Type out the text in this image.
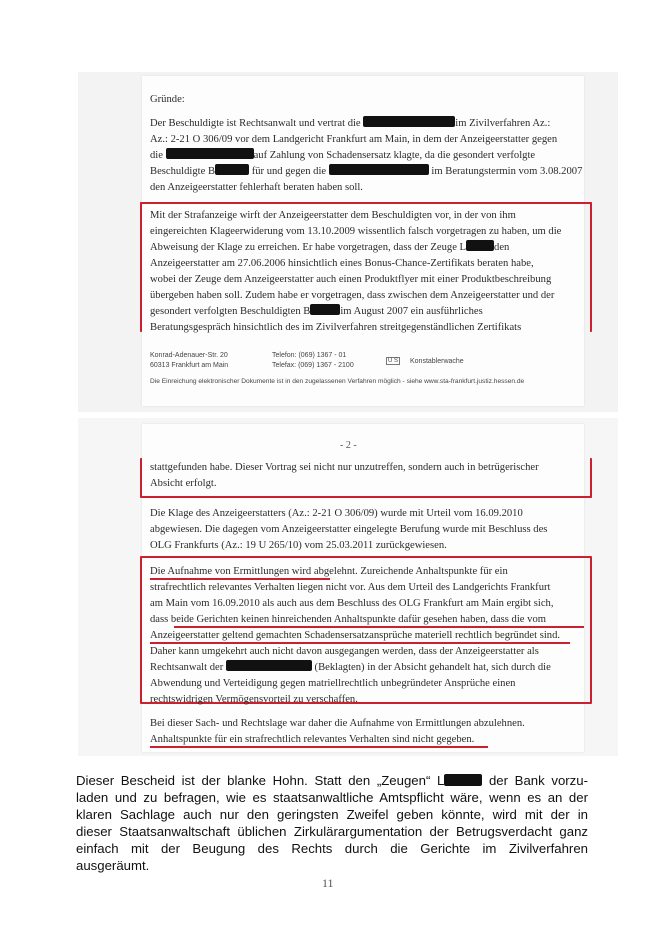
Gründe:

Der Beschuldigte ist Rechtsanwalt und vertrat die	im Zivilverfahren Az.:

Az.: 2-21 O 306/09 vor dem Landgericht Frankfurt am Main, in dem der Anzeigeerstatter gegen

die	auf Zahlung von Schadensersatz klagte, da die gesondert verfolgte

Beschuldigte B	für und gegen die	im Beratungstermin vom 3.08.2007

den Anzeigeerstatter fehlerhaft beraten haben soll.

Mit der Strafanzeige wirft der Anzeigeerstatter dem Beschuldigten vor, in der von ihm

eingereichten Klageerwiderung vom 13.10.2009 wissentlich falsch vorgetragen zu haben, um die

Abweisung der Klage zu erreichen. Er habe vorgetragen, dass der Zeuge L	den

Anzeigeerstatter am 27.06.2006 hinsichtlich eines Bonus-Chance-Zertifikats beraten habe,

wobei der Zeuge dem Anzeigeerstatter auch einen Produktflyer mit einer Produktbeschreibung

übergeben haben soll. Zudem habe er vorgetragen, dass zwischen dem Anzeigeerstatter und der

gesondert verfolgten Beschuldigten B	im August 2007 ein ausführliches

Beratungsgespräch hinsichtlich des im Zivilverfahren streitgegenständlichen Zertifikats

Konrad-Adenauer-Str. 20
60313 Frankfurt am Main
Telefon: (069) 1367 - 01
Telefax: (069) 1367 - 2100
U S Konstablerwache
Die Einreichung elektronischer Dokumente ist in den zugelassenen Verfahren möglich - siehe www.sta-frankfurt.justiz.hessen.de
- 2 -

stattgefunden habe. Dieser Vortrag sei nicht nur unzutreffen, sondern auch in betrügerischer

Absicht erfolgt.

Die Klage des Anzeigeerstatters (Az.: 2-21 O 306/09) wurde mit Urteil vom 16.09.2010

abgewiesen. Die dagegen vom Anzeigeerstatter eingelegte Berufung wurde mit Beschluss des

OLG Frankfurts (Az.: 19 U 265/10) vom 25.03.2011 zurückgewiesen.

Die Aufnahme von Ermittlungen wird abgelehnt. Zureichende Anhaltspunkte für ein

strafrechtlich relevantes Verhalten liegen nicht vor. Aus dem Urteil des Landgerichts Frankfurt

am Main vom 16.09.2010 als auch aus dem Beschluss des OLG Frankfurt am Main ergibt sich,

dass beide Gerichten keinen hinreichenden Anhaltspunkte dafür gesehen haben, dass die vom

Anzeigeerstatter geltend gemachten Schadensersatzansprüche materiell rechtlich begründet sind.

Daher kann umgekehrt auch nicht davon ausgegangen werden, dass der Anzeigeerstatter als

Rechtsanwalt der	(Beklagten) in der Absicht gehandelt hat, sich durch die

Abwendung und Verteidigung gegen matriellrechtlich unbegründeter Ansprüche einen

rechtswidrigen Vermögensvorteil zu verschaffen.

Bei dieser Sach- und Rechtslage war daher die Aufnahme von Ermittlungen abzulehnen.

Anhaltspunkte für ein strafrechtlich relevantes Verhalten sind nicht gegeben.

Dieser Bescheid ist der blanke Hohn. Statt den „Zeugen“ L	der Bank vorzu-
laden und zu befragen, wie es staatsanwaltliche Amtspflicht wäre, wenn es an der
klaren Sachlage auch nur den geringsten Zweifel geben könnte, wird mit der in
dieser Staatsanwaltschaft üblichen Zirkulärargumentation der Betrugsverdacht ganz
einfach mit der Beugung des Rechts durch die Gerichte im Zivilverfahren
ausgeräumt.
11
